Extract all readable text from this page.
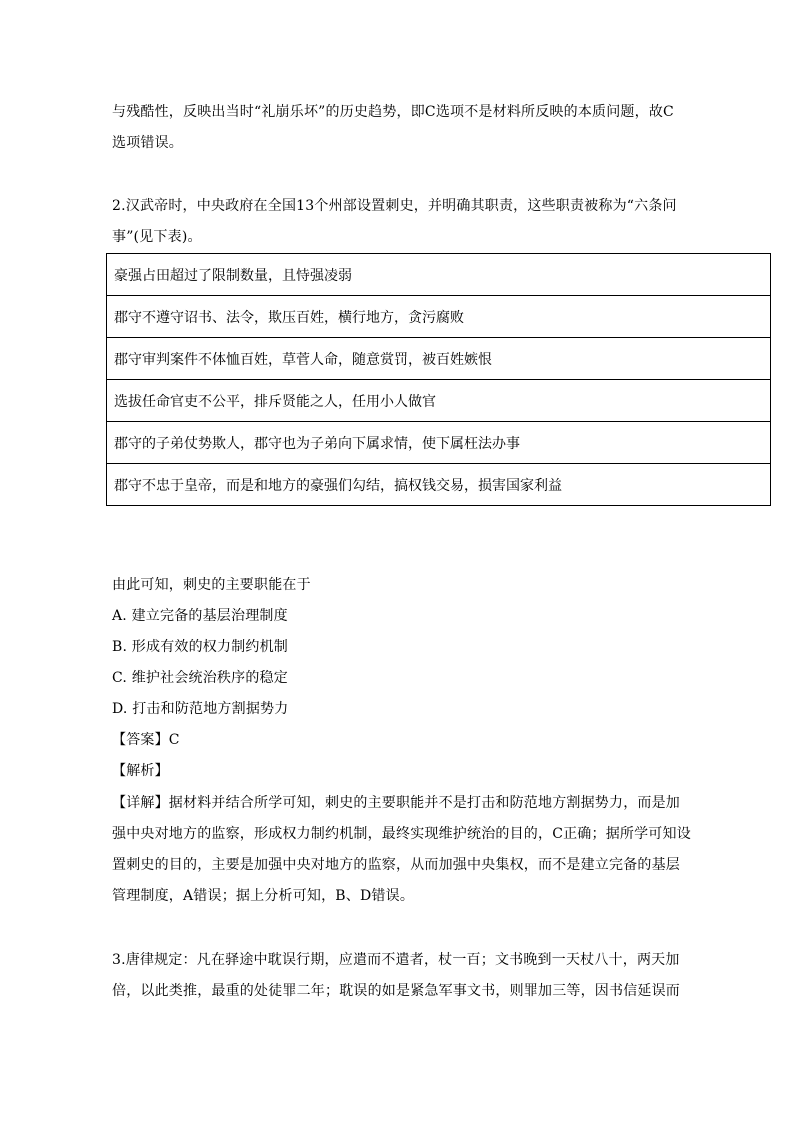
与残酷性，反映出当时“礼崩乐坏”的历史趋势，即C选项不是材料所反映的本质问题，故C
选项错误。
2.汉武帝时，中央政府在全国13个州部设置刺史，并明确其职责，这些职责被称为“六条问
事”(见下表)。
豪强占田超过了限制数量，且恃强凌弱
郡守不遵守诏书、法令，欺压百姓，横行地方，贪污腐败
郡守审判案件不体恤百姓，草菅人命，随意赏罚，被百姓嫉恨
选拔任命官吏不公平，排斥贤能之人，任用小人做官
郡守的子弟仗势欺人，郡守也为子弟向下属求情，使下属枉法办事
郡守不忠于皇帝，而是和地方的豪强们勾结，搞权钱交易，损害国家利益
由此可知，刺史的主要职能在于
A. 建立完备的基层治理制度
B. 形成有效的权力制约机制
C. 维护社会统治秩序的稳定
D. 打击和防范地方割据势力
【答案】C
【解析】
【详解】据材料并结合所学可知，刺史的主要职能并不是打击和防范地方割据势力，而是加
强中央对地方的监察，形成权力制约机制，最终实现维护统治的目的，C正确；据所学可知设
置刺史的目的，主要是加强中央对地方的监察，从而加强中央集权，而不是建立完备的基层
管理制度，A错误；据上分析可知，B、D错误。
3.唐律规定：凡在驿途中耽误行期，应遣而不遣者，杖一百；文书晚到一天杖八十，两天加
倍，以此类推，最重的处徒罪二年；耽误的如是紧急军事文书，则罪加三等，因书信延误而
